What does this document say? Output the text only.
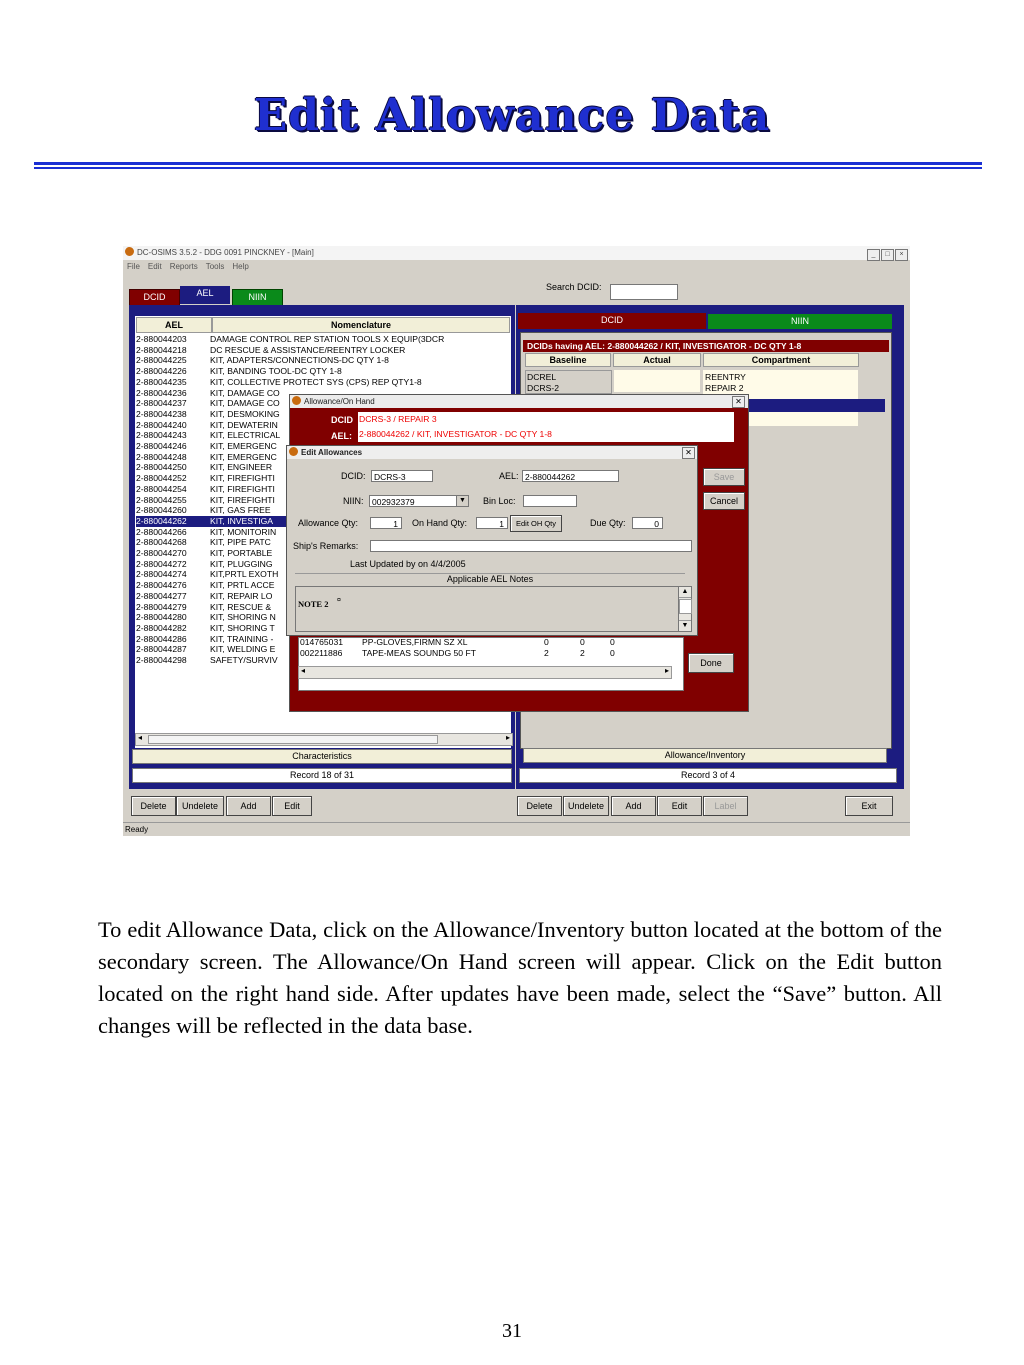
Edit Allowance Data
DC-OSIMS 3.5.2 - DDG 0091 PINCKNEY - [Main]	_ □ ×
File Edit Reports Tools Help
DCID	AEL	NIIN
Search DCID:
AEL	Nomenclature
2-880044203	DAMAGE CONTROL REP STATION TOOLS X EQUIP(3DCR
2-880044218	DC RESCUE & ASSISTANCE/REENTRY LOCKER
2-880044225	KIT, ADAPTERS/CONNECTIONS-DC QTY 1-8
2-880044226	KIT, BANDING TOOL-DC QTY 1-8
2-880044235	KIT, COLLECTIVE PROTECT SYS (CPS) REP QTY1-8
2-880044236	KIT, DAMAGE CO
2-880044237	KIT, DAMAGE CO
2-880044238	KIT, DESMOKING
2-880044240	KIT, DEWATERIN
2-880044243	KIT, ELECTRICAL
2-880044246	KIT, EMERGENC
2-880044248	KIT, EMERGENC
2-880044250	KIT, ENGINEER
2-880044252	KIT, FIREFIGHTI
2-880044254	KIT, FIREFIGHTI
2-880044255	KIT, FIREFIGHTI
2-880044260	KIT, GAS FREE
2-880044262	KIT, INVESTIGA
2-880044266	KIT, MONITORIN
2-880044268	KIT, PIPE PATC
2-880044270	KIT, PORTABLE
2-880044272	KIT, PLUGGING
2-880044274	KIT,PRTL EXOTH
2-880044276	KIT, PRTL ACCE
2-880044277	KIT, REPAIR LO
2-880044279	KIT, RESCUE &
2-880044280	KIT, SHORING N
2-880044282	KIT, SHORING T
2-880044286	KIT, TRAINING -
2-880044287	KIT, WELDING E
2-880044298	SAFETY/SURVIV
◂	▸
Characteristics
Record 18 of 31
DCID	NIIN
DCIDs having AEL: 2-880044262 / KIT, INVESTIGATOR - DC QTY 1-8
Baseline	Actual	Compartment
DCREL	REENTRY
DCRS-2	REPAIR 2
Allowance/Inventory
Record 3 of 4
Delete	Undelete	Add	Edit	Delete	Undelete	Add	Edit	Label	Exit
Ready
Allowance/On Hand	✕
DCID
AEL:
DCRS-3 / REPAIR 3
2-880044262 / KIT, INVESTIGATOR - DC QTY 1-8
014765031 PP-GLOVES,FIRMN SZ XL	0	0	0
002211886 TAPE-MEAS SOUNDG 50 FT	2	2	0
◂	▸
Done
Edit Allowances	✕
DCID:	DCRS-3	AEL: 2-880044262
NIIN: 002932379	▼ Bin Loc:
Allowance Qty:	1	On Hand Qty:	1	Edit OH Qty	Due Qty:	0
Ship's Remarks:
Last Updated by on 4/4/2005
Applicable AEL Notes
NOTE 2 ¤
▲
▼
Save
Cancel
To edit Allowance Data, click on the Allowance/Inventory button located at the bottom of the secondary screen. The Allowance/On Hand screen will appear. Click on the Edit button located on the right hand side. After updates have been made, select the “Save” button. All changes will be reflected in the data base.
31
